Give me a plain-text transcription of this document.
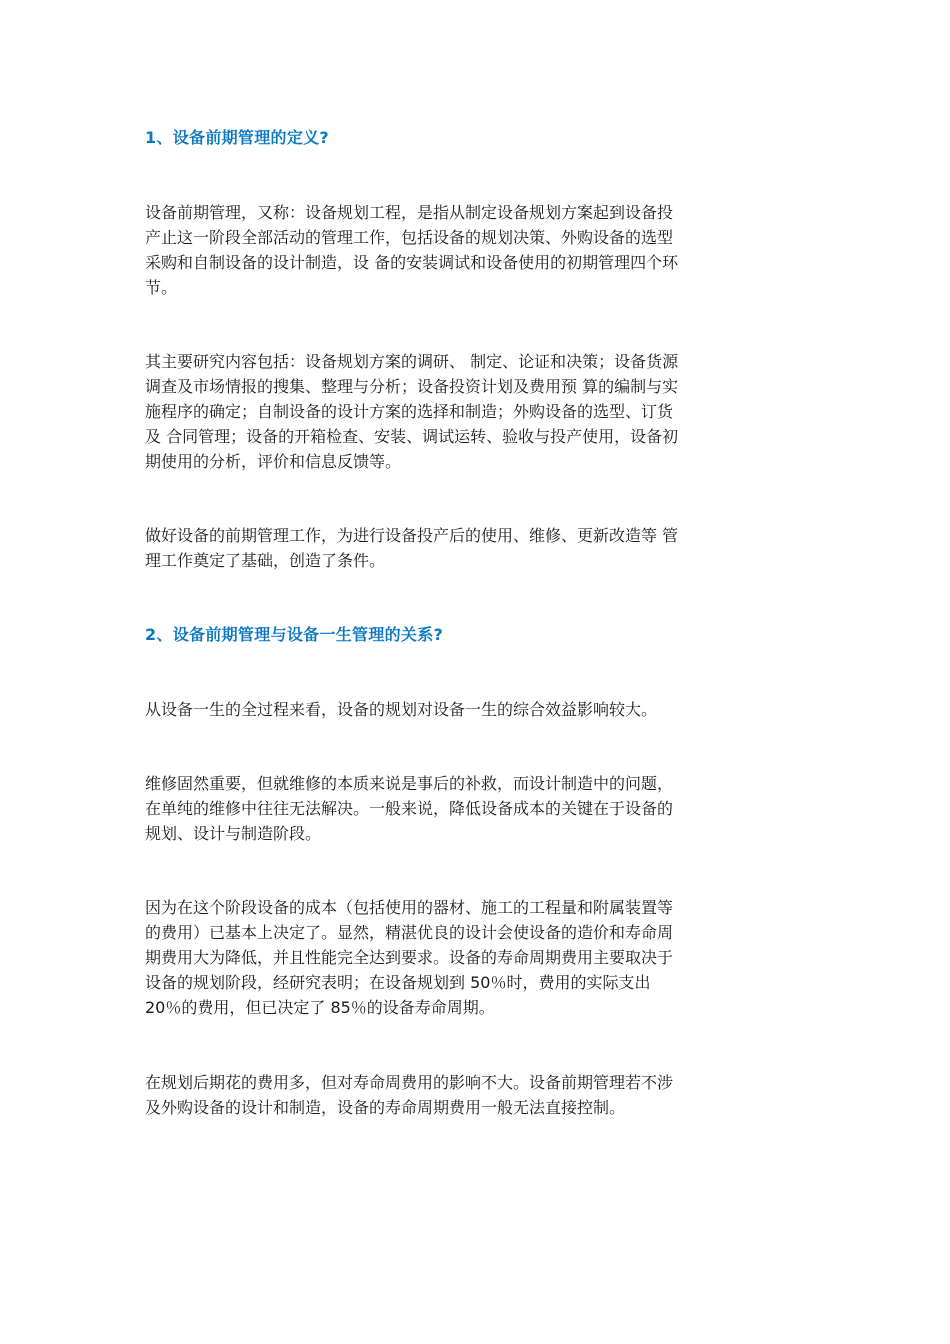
1、设备前期管理的定义?

设备前期管理，又称：设备规划工程，是指从制定设备规划方案起到设备投
产止这一阶段全部活动的管理工作，包括设备的规划决策、外购设备的选型
采购和自制设备的设计制造，设 备的安装调试和设备使用的初期管理四个环
节。

其主要研究内容包括：设备规划方案的调研、 制定、论证和决策；设备货源
调查及市场情报的搜集、整理与分析；设备投资计划及费用预 算的编制与实
施程序的确定；自制设备的设计方案的选择和制造；外购设备的选型、订货
及 合同管理；设备的开箱检查、安装、调试运转、验收与投产使用，设备初
期使用的分析，评价和信息反馈等。

做好设备的前期管理工作，为进行设备投产后的使用、维修、更新改造等 管
理工作奠定了基础，创造了条件。

2、设备前期管理与设备一生管理的关系?

从设备一生的全过程来看，设备的规划对设备一生的综合效益影响较大。

维修固然重要，但就维修的本质来说是事后的补救，而设计制造中的问题，
在单纯的维修中往往无法解决。一般来说，降低设备成本的关键在于设备的
规划、设计与制造阶段。

因为在这个阶段设备的成本（包括使用的器材、施工的工程量和附属装置等
的费用）已基本上决定了。显然，精湛优良的设计会使设备的造价和寿命周
期费用大为降低，并且性能完全达到要求。设备的寿命周期费用主要取决于
设备的规划阶段，经研究表明；在设备规划到 50％时，费用的实际支出
20％的费用，但已决定了 85％的设备寿命周期。

在规划后期花的费用多，但对寿命周费用的影响不大。设备前期管理若不涉
及外购设备的设计和制造，设备的寿命周期费用一般无法直接控制。
